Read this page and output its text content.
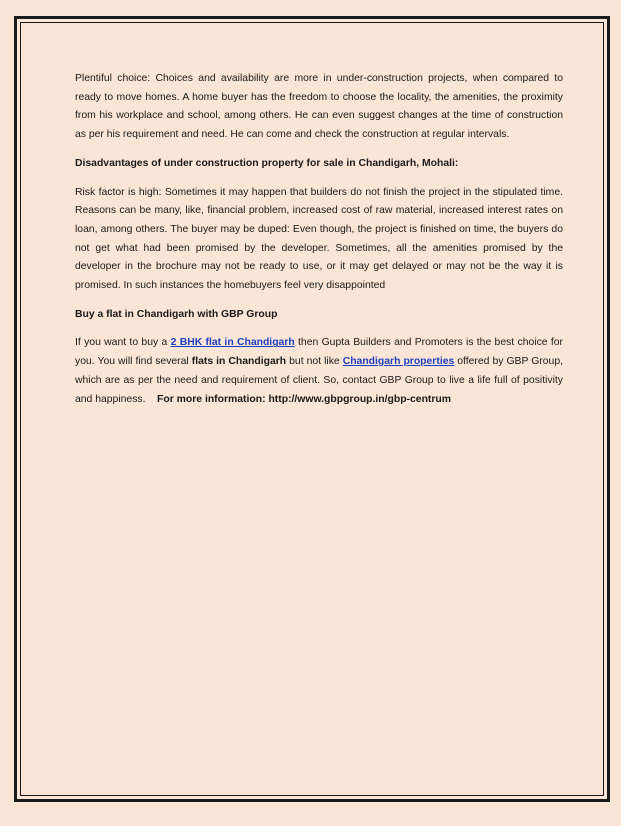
Plentiful choice: Choices and availability are more in under-construction projects, when compared to ready to move homes. A home buyer has the freedom to choose the locality, the amenities, the proximity from his workplace and school, among others. He can even suggest changes at the time of construction as per his requirement and need. He can come and check the construction at regular intervals.

Disadvantages of under construction property for sale in Chandigarh, Mohali:

Risk factor is high: Sometimes it may happen that builders do not finish the project in the stipulated time. Reasons can be many, like, financial problem, increased cost of raw material, increased interest rates on loan, among others. The buyer may be duped: Even though, the project is finished on time, the buyers do not get what had been promised by the developer. Sometimes, all the amenities promised by the developer in the brochure may not be ready to use, or it may get delayed or may not be the way it is promised. In such instances the homebuyers feel very disappointed

Buy a flat in Chandigarh with GBP Group

If you want to buy a 2 BHK flat in Chandigarh then Gupta Builders and Promoters is the best choice for you. You will find several flats in Chandigarh but not like Chandigarh properties offered by GBP Group, which are as per the need and requirement of client. So, contact GBP Group to live a life full of positivity and happiness.    For more information: http://www.gbpgroup.in/gbp-centrum
